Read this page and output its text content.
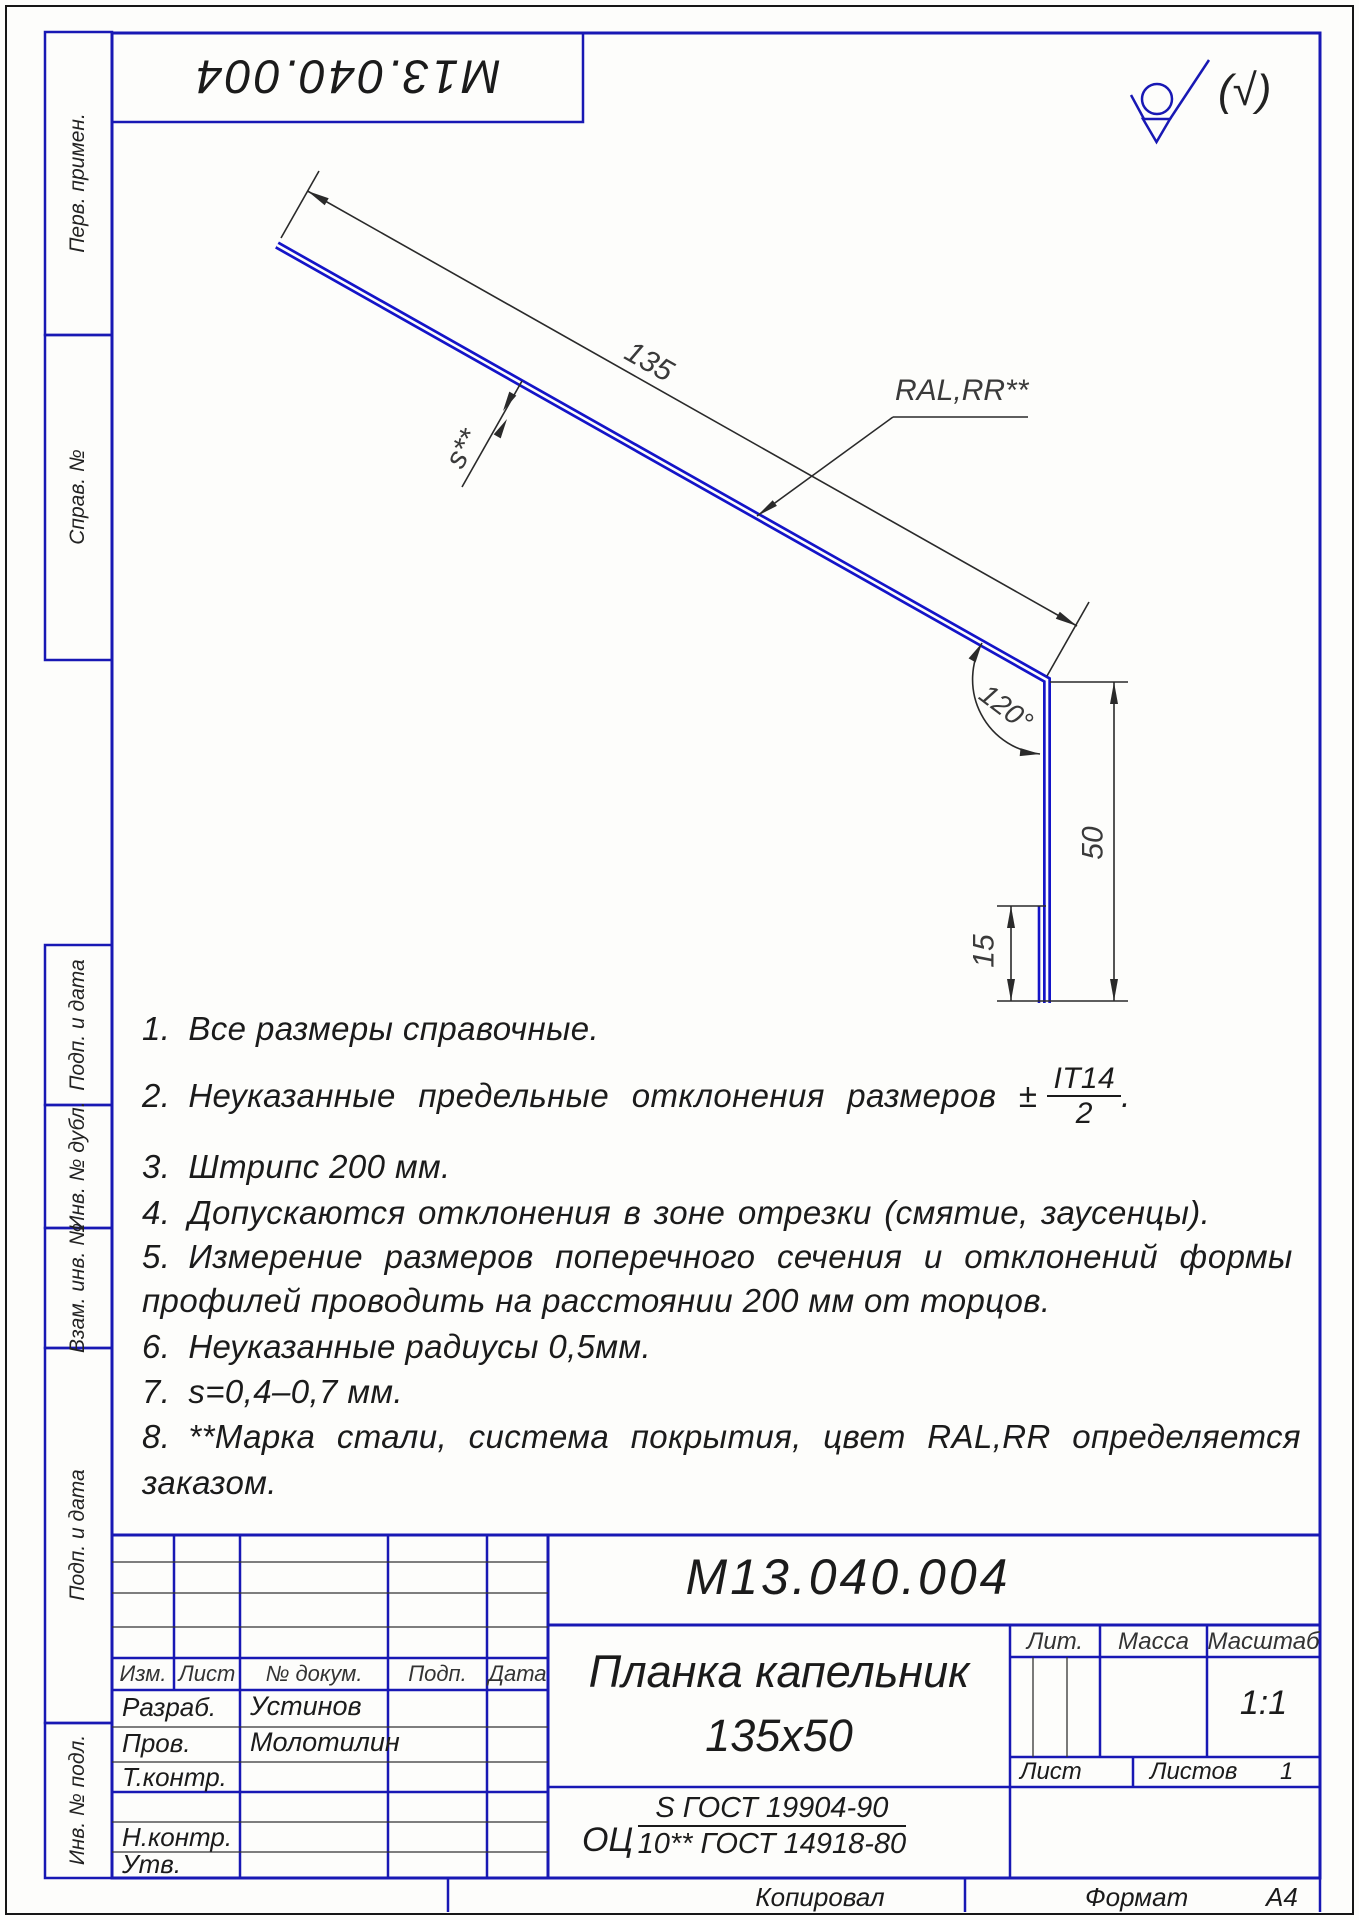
М13.040.004	(√)
Перв. примен.
Справ. №
Подп. и дата
Инв. № дубл.
Взам. инв. №
Подп. и дата
Инв. № подл.
135
s**
RAL,RR**
120°
50
15
1. Все размеры справочные.
2. Неуказанные предельные отклонения размеров ± $\frac{IT14}{2}$ .
3. Штрипс 200 мм.
4. Допускаются отклонения в зоне отрезки (смятие, заусенцы).
5. Измерение размеров поперечного сечения и отклонений формы
профилей проводить на расстоянии 200 мм от торцов.
6. Неуказанные радиусы 0,5мм.
7. s=0,4–0,7 мм.
8. **Марка стали, система покрытия, цвет RAL,RR определяется
заказом.
Изм. Лист	№ докум.	Подп. Дата
Разраб. Устинов
Пров. Молотилин
Т.контр.
Н.контр.
Утв.
М13.040.004
Планка капельник
135x50
ОЦ
S ГОСТ 19904-90
10** ГОСТ 14918-80
Лит.	Масса Масштаб
1:1
Лист	Листов 1
Копировал	Формат	А4
